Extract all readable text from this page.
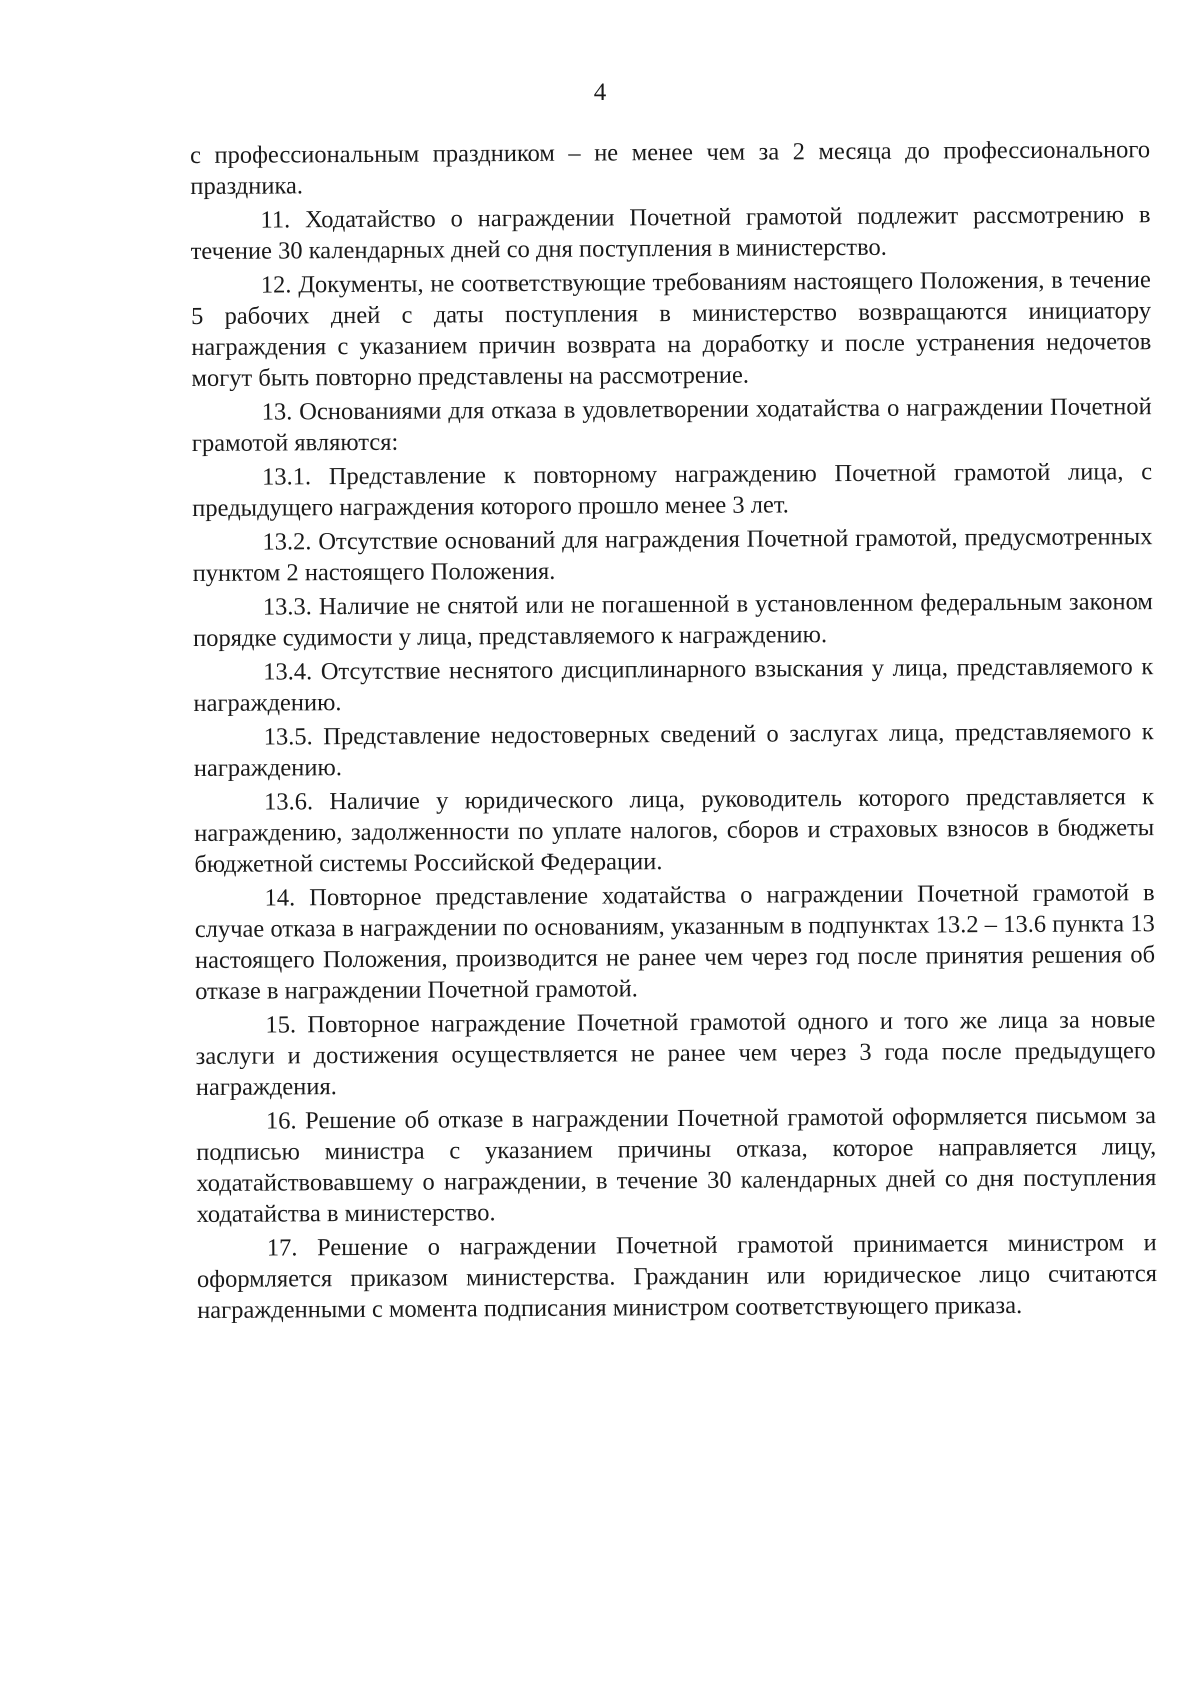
4

с профессиональным праздником – не менее чем за 2 месяца до профессионального праздника.

11. Ходатайство о награждении Почетной грамотой подлежит рассмотрению в течение 30 календарных дней со дня поступления в министерство.

12. Документы, не соответствующие требованиям настоящего Положения, в течение 5 рабочих дней с даты поступления в министерство возвращаются инициатору награждения с указанием причин возврата на доработку и после устранения недочетов могут быть повторно представлены на рассмотрение.

13. Основаниями для отказа в удовлетворении ходатайства о награждении Почетной грамотой являются:

13.1. Представление к повторному награждению Почетной грамотой лица, с предыдущего награждения которого прошло менее 3 лет.

13.2. Отсутствие оснований для награждения Почетной грамотой, предусмотренных пунктом 2 настоящего Положения.

13.3. Наличие не снятой или не погашенной в установленном федеральным законом порядке судимости у лица, представляемого к награждению.

13.4. Отсутствие неснятого дисциплинарного взыскания у лица, представляемого к награждению.

13.5. Представление недостоверных сведений о заслугах лица, представляемого к награждению.

13.6. Наличие у юридического лица, руководитель которого представляется к награждению, задолженности по уплате налогов, сборов и страховых взносов в бюджеты бюджетной системы Российской Федерации.

14. Повторное представление ходатайства о награждении Почетной грамотой в случае отказа в награждении по основаниям, указанным в подпунктах 13.2 – 13.6 пункта 13 настоящего Положения, производится не ранее чем через год после принятия решения об отказе в награждении Почетной грамотой.

15. Повторное награждение Почетной грамотой одного и того же лица за новые заслуги и достижения осуществляется не ранее чем через 3 года после предыдущего награждения.

16. Решение об отказе в награждении Почетной грамотой оформляется письмом за подписью министра с указанием причины отказа, которое направляется лицу, ходатайствовавшему о награждении, в течение 30 календарных дней со дня поступления ходатайства в министерство.

17. Решение о награждении Почетной грамотой принимается министром и оформляется приказом министерства. Гражданин или юридическое лицо считаются награжденными с момента подписания министром соответствующего приказа.
